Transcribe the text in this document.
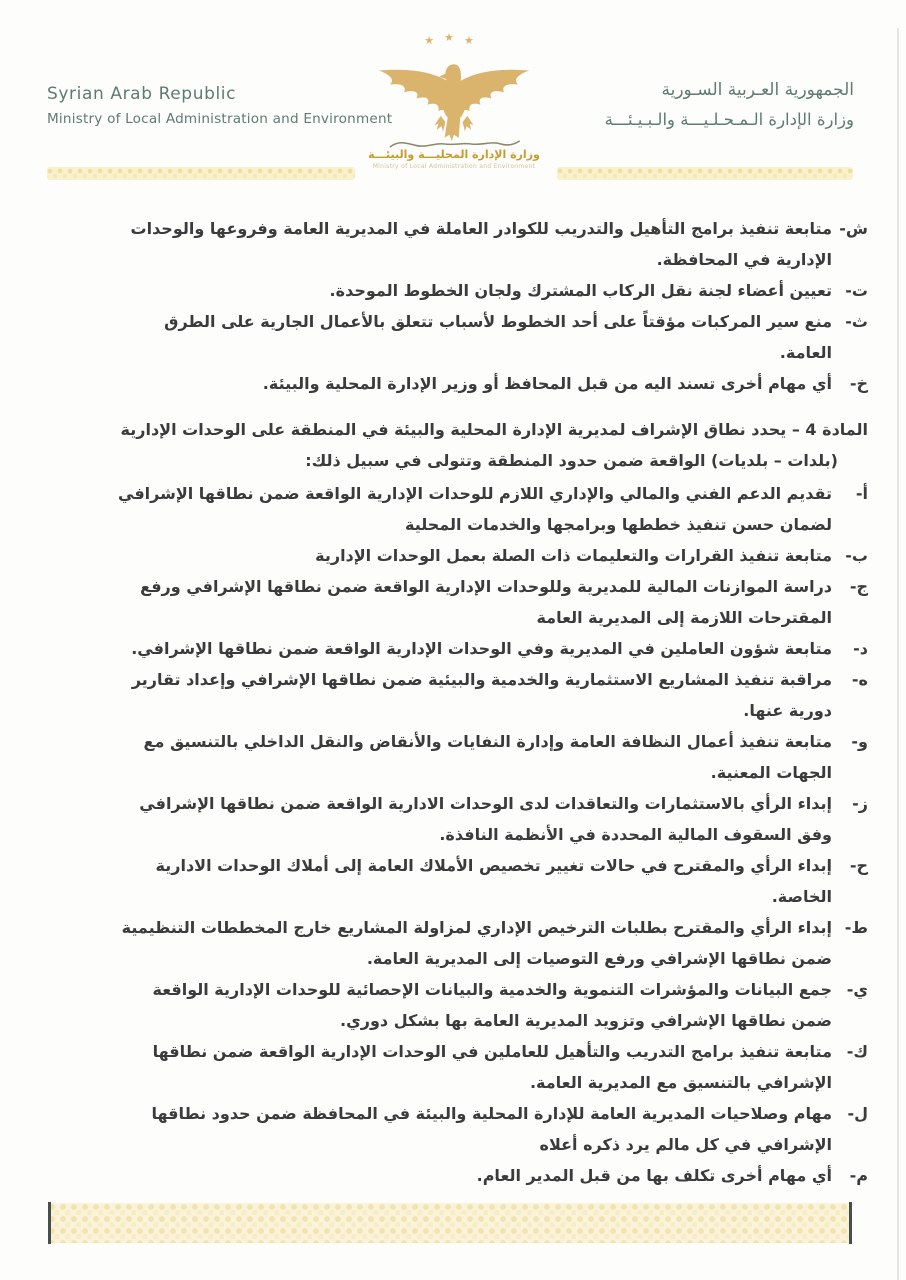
Syrian Arab Republic
Ministry of Local Administration and Environment
الجمهورية العـربية السـورية
وزارة الإدارة الـمـحـلـيـــة والـبـيـئـــة
★★★
وزارة الإدارة المحليـــة والبيئـــة
Ministry of Local Administration and Environment
ش-متابعة تنفيذ برامج التأهيل والتدريب للكوادر العاملة في المديرية العامة وفروعها والوحدات الإدارية في المحافظة.
ت-تعيين أعضاء لجنة نقل الركاب المشترك ولجان الخطوط الموحدة.
ث-منع سير المركبات مؤقتاً على أحد الخطوط لأسباب تتعلق بالأعمال الجارية على الطرق العامة.
خ-أي مهام أخرى تسند اليه من قبل المحافظ أو وزير الإدارة المحلية والبيئة.
المادة 4 – يحدد نطاق الإشراف لمديرية الإدارة المحلية والبيئة في المنطقة على الوحدات الإدارية (بلدات – بلديات) الواقعة ضمن حدود المنطقة وتتولى في سبيل ذلك:
أ-تقديم الدعم الفني والمالي والإداري اللازم للوحدات الإدارية الواقعة ضمن نطاقها الإشرافي لضمان حسن تنفيذ خططها وبرامجها والخدمات المحلية
ب-متابعة تنفيذ القرارات والتعليمات ذات الصلة بعمل الوحدات الإدارية
ج-دراسة الموازنات المالية للمديرية وللوحدات الإدارية الواقعة ضمن نطاقها الإشرافي ورفع المقترحات اللازمة إلى المديرية العامة
د-متابعة شؤون العاملين في المديرية وفي الوحدات الإدارية الواقعة ضمن نطاقها الإشرافي.
ه-مراقبة تنفيذ المشاريع الاستثمارية والخدمية والبيئية ضمن نطاقها الإشرافي وإعداد تقارير دورية عنها.
و-متابعة تنفيذ أعمال النظافة العامة وإدارة النفايات والأنقاض والنقل الداخلي بالتنسيق مع الجهات المعنية.
ز-إبداء الرأي بالاستثمارات والتعاقدات لدى الوحدات الادارية الواقعة ضمن نطاقها الإشرافي وفق السقوف المالية المحددة في الأنظمة النافذة.
ح-إبداء الرأي والمقترح في حالات تغيير تخصيص الأملاك العامة إلى أملاك الوحدات الادارية الخاصة.
ط-إبداء الرأي والمقترح بطلبات الترخيص الإداري لمزاولة المشاريع خارج المخططات التنظيمية ضمن نطاقها الإشرافي ورفع التوصيات إلى المديرية العامة.
ي-جمع البيانات والمؤشرات التنموية والخدمية والبيانات الإحصائية للوحدات الإدارية الواقعة ضمن نطاقها الإشرافي وتزويد المديرية العامة بها بشكل دوري.
ك-متابعة تنفيذ برامج التدريب والتأهيل للعاملين في الوحدات الإدارية الواقعة ضمن نطاقها الإشرافي بالتنسيق مع المديرية العامة.
ل-مهام وصلاحيات المديرية العامة للإدارة المحلية والبيئة في المحافظة ضمن حدود نطاقها الإشرافي في كل مالم يرد ذكره أعلاه
م-أي مهام أخرى تكلف بها من قبل المدير العام.
